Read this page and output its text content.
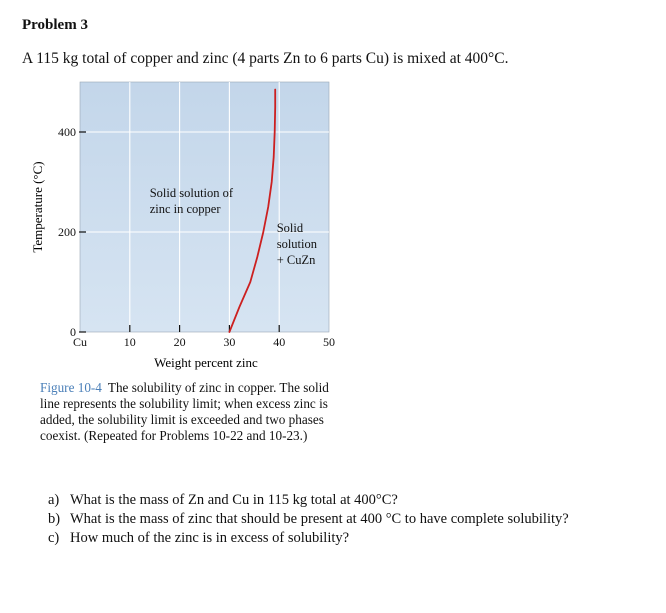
Problem 3
A 115 kg total of copper and zinc (4 parts Zn to 6 parts Cu) is mixed at 400°C.
0
200
400
Cu	10	20	30	40	50
Solid solution of zinc in copper
Solid solution + CuZn
Temperature (°C)
Weight percent zinc
Figure 10-4 The solubility of zinc in copper. The solid line represents the solubility limit; when excess zinc is added, the solubility limit is exceeded and two phases coexist. (Repeated for Problems 10-22 and 10-23.)
a) What is the mass of Zn and Cu in 115 kg total at 400°C?
b) What is the mass of zinc that should be present at 400 °C to have complete solubility?
c) How much of the zinc is in excess of solubility?
